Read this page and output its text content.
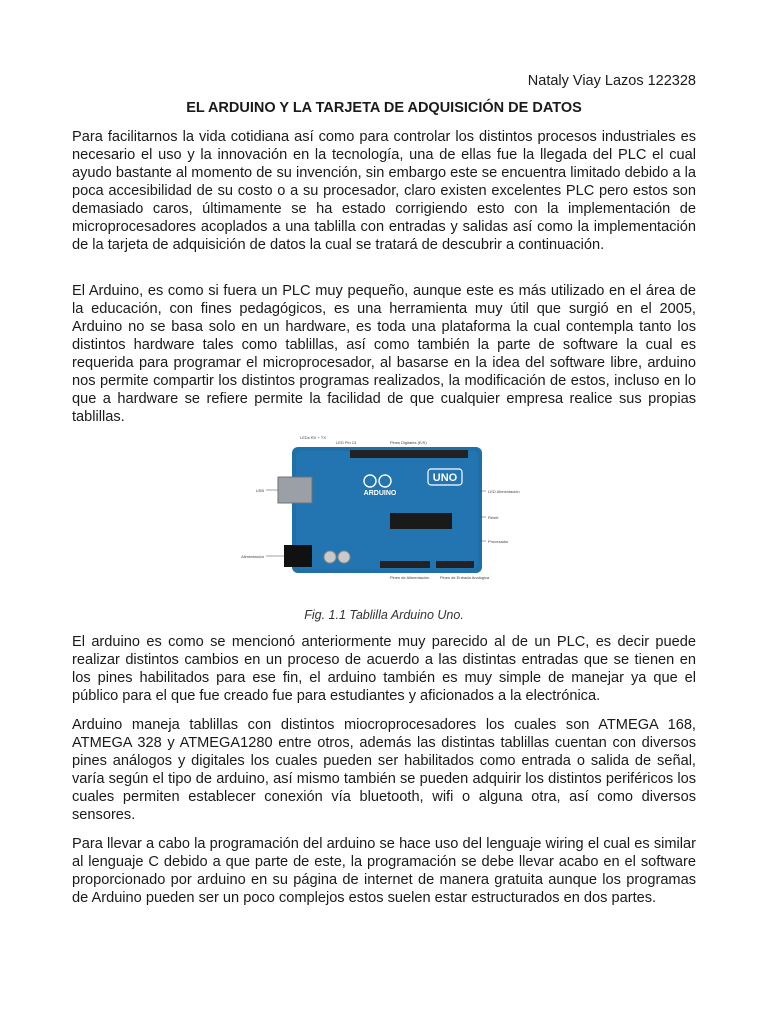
Nataly Viay Lazos 122328
EL ARDUINO Y LA TARJETA DE ADQUISICIÓN DE DATOS

Para facilitarnos la vida cotidiana así como para controlar los distintos procesos industriales es necesario el uso y la innovación en la tecnología, una de ellas fue la llegada del PLC el cual ayudo bastante al momento de su invención, sin embargo este se encuentra limitado debido a la poca accesibilidad de su costo o a su procesador, claro existen excelentes PLC pero estos son demasiado caros, últimamente se ha estado corrigiendo esto con la implementación de microprocesadores acoplados a una tablilla con entradas y salidas así como la implementación de la tarjeta de adquisición de datos la cual se tratará de descubrir a continuación.

El Arduino, es como si fuera un PLC muy pequeño, aunque este es más utilizado en el área de la educación, con fines pedagógicos, es una herramienta muy útil que surgió en el 2005, Arduino no se basa solo en un hardware, es toda una plataforma la cual contempla tanto los distintos hardware tales como tablillas, así como también la parte de software la cual es requerida para programar el microprocesador, al basarse en la idea del software libre, arduino nos permite compartir los distintos programas realizados, la modificación de estos, incluso en lo que a hardware se refiere permite la facilidad de que cualquier empresa realice sus propias tablillas.

UNO
ARDUINO
USB
Alimentación
LEDs RX + TX
LED Pin 13	Pines Digitales (E/S)
LED Alimentación
Reset
Procesador
Pines de Alimentación	Pines de Entrada Analógica
Fig. 1.1 Tablilla Arduino Uno.

El arduino es como se mencionó anteriormente muy parecido al de un PLC, es decir puede realizar distintos cambios en un proceso de acuerdo a las distintas entradas que se tienen en los pines habilitados para ese fin, el arduino también es muy simple de manejar ya que el público para el que fue creado fue para estudiantes y aficionados a la electrónica.

Arduino maneja tablillas con distintos miocroprocesadores los cuales son ATMEGA 168, ATMEGA 328 y ATMEGA1280 entre otros, además las distintas tablillas cuentan con diversos pines análogos y digitales los cuales pueden ser habilitados como entrada o salida de señal, varía según el tipo de arduino, así mismo también se pueden adquirir los distintos periféricos los cuales permiten establecer conexión vía bluetooth, wifi o alguna otra, así como diversos sensores.

Para llevar a cabo la programación del arduino se hace uso del lenguaje wiring el cual es similar al lenguaje C debido a que parte de este, la programación se debe llevar acabo en el software proporcionado por arduino en su página de internet de manera gratuita aunque los programas de Arduino pueden ser un poco complejos estos suelen estar estructurados en dos partes.
